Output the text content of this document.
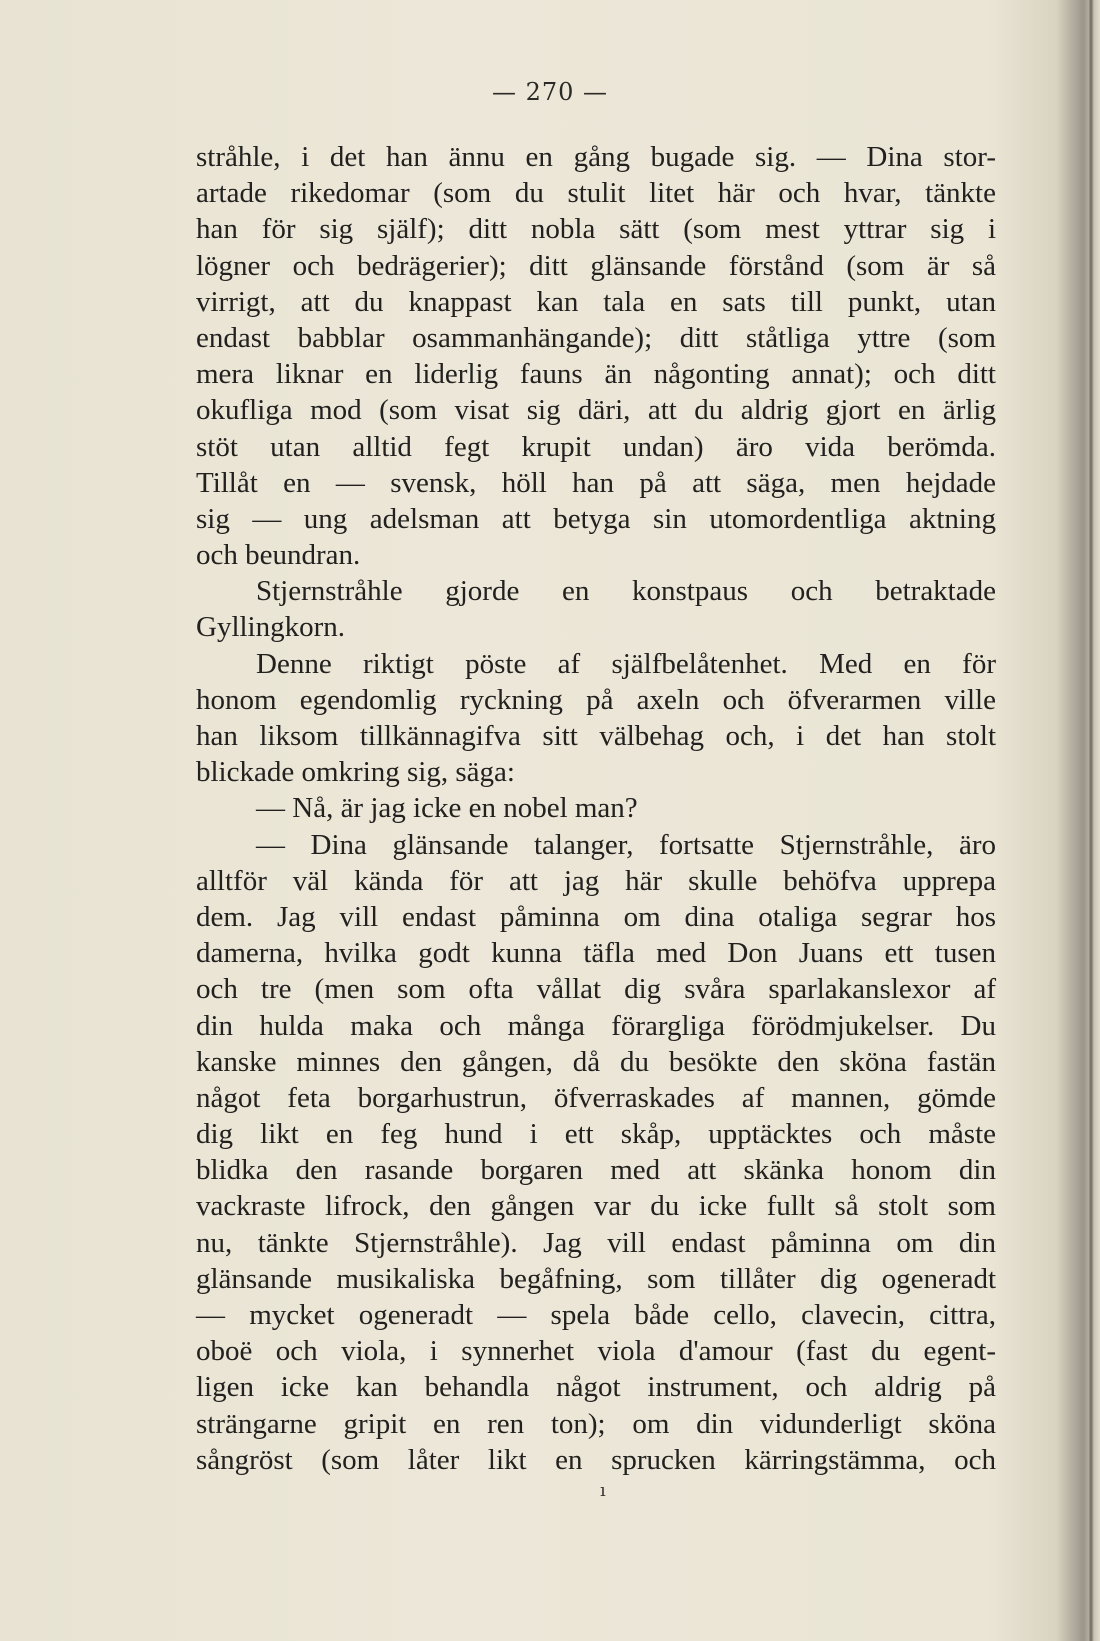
— 270 —
stråhle, i det han ännu en gång bugade sig. — Dina stor-
artade rikedomar (som du stulit litet här och hvar, tänkte
han för sig själf); ditt nobla sätt (som mest yttrar sig i
lögner och bedrägerier); ditt glänsande förstånd (som är så
virrigt, att du knappast kan tala en sats till punkt, utan
endast babblar osammanhängande); ditt ståtliga yttre (som
mera liknar en liderlig fauns än någonting annat); och ditt
okufliga mod (som visat sig däri, att du aldrig gjort en ärlig
stöt utan alltid fegt krupit undan) äro vida berömda.
Tillåt en — svensk, höll han på att säga, men hejdade
sig — ung adelsman att betyga sin utomordentliga aktning
och beundran.
Stjernstråhle gjorde en konstpaus och betraktade
Gyllingkorn.
Denne riktigt pöste af själfbelåtenhet. Med en för
honom egendomlig ryckning på axeln och öfverarmen ville
han liksom tillkännagifva sitt välbehag och, i det han stolt
blickade omkring sig, säga:
— Nå, är jag icke en nobel man?
— Dina glänsande talanger, fortsatte Stjernstråhle, äro
alltför väl kända för att jag här skulle behöfva upprepa
dem. Jag vill endast påminna om dina otaliga segrar hos
damerna, hvilka godt kunna täfla med Don Juans ett tusen
och tre (men som ofta vållat dig svåra sparlakanslexor af
din hulda maka och många förargliga förödmjukelser. Du
kanske minnes den gången, då du besökte den sköna fastän
något feta borgarhustrun, öfverraskades af mannen, gömde
dig likt en feg hund i ett skåp, upptäcktes och måste
blidka den rasande borgaren med att skänka honom din
vackraste lifrock, den gången var du icke fullt så stolt som
nu, tänkte Stjernstråhle). Jag vill endast påminna om din
glänsande musikaliska begåfning, som tillåter dig ogeneradt
— mycket ogeneradt — spela både cello, clavecin, cittra,
oboë och viola, i synnerhet viola d'amour (fast du egent-
ligen icke kan behandla något instrument, och aldrig på
strängarne gripit en ren ton); om din vidunderligt sköna
sångröst (som låter likt en sprucken kärringstämma, och
ı
